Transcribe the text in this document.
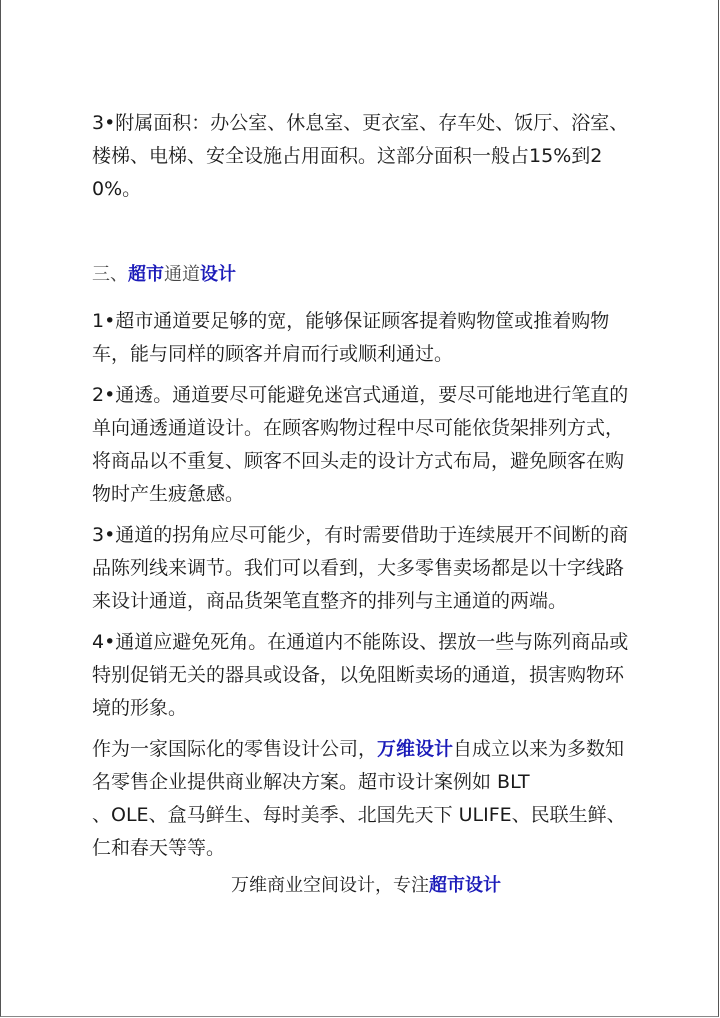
3•附属面积：办公室、休息室、更衣室、存车处、饭厅、浴室、楼梯、电梯、安全设施占用面积。这部分面积一般占15%到20%。

三、超市通道设计

1•超市通道要足够的宽，能够保证顾客提着购物筐或推着购物车，能与同样的顾客并肩而行或顺利通过。

2•通透。通道要尽可能避免迷宫式通道，要尽可能地进行笔直的单向通透通道设计。在顾客购物过程中尽可能依货架排列方式，将商品以不重复、顾客不回头走的设计方式布局，避免顾客在购物时产生疲惫感。

3•通道的拐角应尽可能少，有时需要借助于连续展开不间断的商品陈列线来调节。我们可以看到，大多零售卖场都是以十字线路来设计通道，商品货架笔直整齐的排列与主通道的两端。

4•通道应避免死角。在通道内不能陈设、摆放一些与陈列商品或特别促销无关的器具或设备，以免阻断卖场的通道，损害购物环境的形象。

作为一家国际化的零售设计公司，万维设计自成立以来为多数知名零售企业提供商业解决方案。超市设计案例如 BLT
、OLE、盒马鲜生、每时美季、北国先天下 ULIFE、民联生鲜、仁和春天等等。

万维商业空间设计，专注超市设计
